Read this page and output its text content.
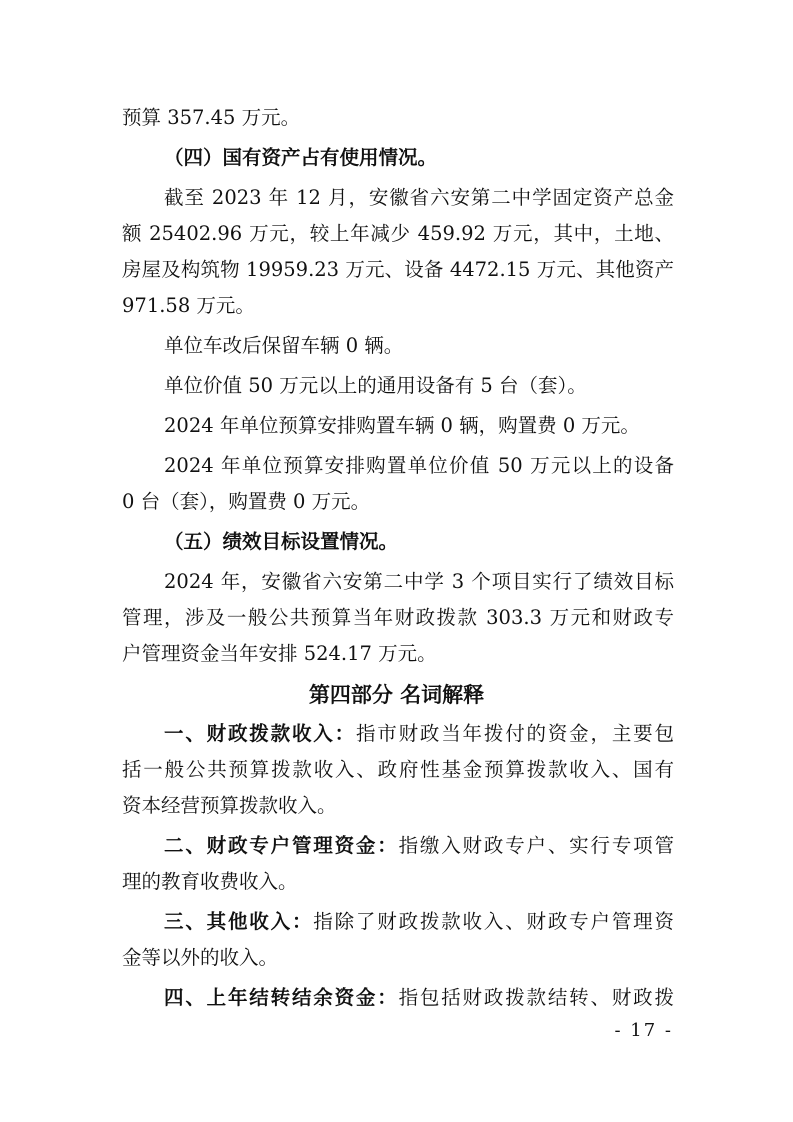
预算 357.45 万元。
（四）国有资产占有使用情况。
截至 2023 年 12 月，安徽省六安第二中学固定资产总金
额 25402.96 万元，较上年减少 459.92 万元，其中，土地、
房屋及构筑物 19959.23 万元、设备 4472.15 万元、其他资产
971.58 万元。
单位车改后保留车辆 0 辆。
单位价值 50 万元以上的通用设备有 5 台（套）。
2024 年单位预算安排购置车辆 0 辆，购置费 0 万元。
2024 年单位预算安排购置单位价值 50 万元以上的设备
0 台（套），购置费 0 万元。
（五）绩效目标设置情况。
2024 年，安徽省六安第二中学 3 个项目实行了绩效目标
管理，涉及一般公共预算当年财政拨款 303.3 万元和财政专
户管理资金当年安排 524.17 万元。
第四部分 名词解释
一、财政拨款收入：指市财政当年拨付的资金，主要包
括一般公共预算拨款收入、政府性基金预算拨款收入、国有
资本经营预算拨款收入。
二、财政专户管理资金：指缴入财政专户、实行专项管
理的教育收费收入。
三、其他收入：指除了财政拨款收入、财政专户管理资
金等以外的收入。
四、上年结转结余资金：指包括财政拨款结转、财政拨
- 17 -
